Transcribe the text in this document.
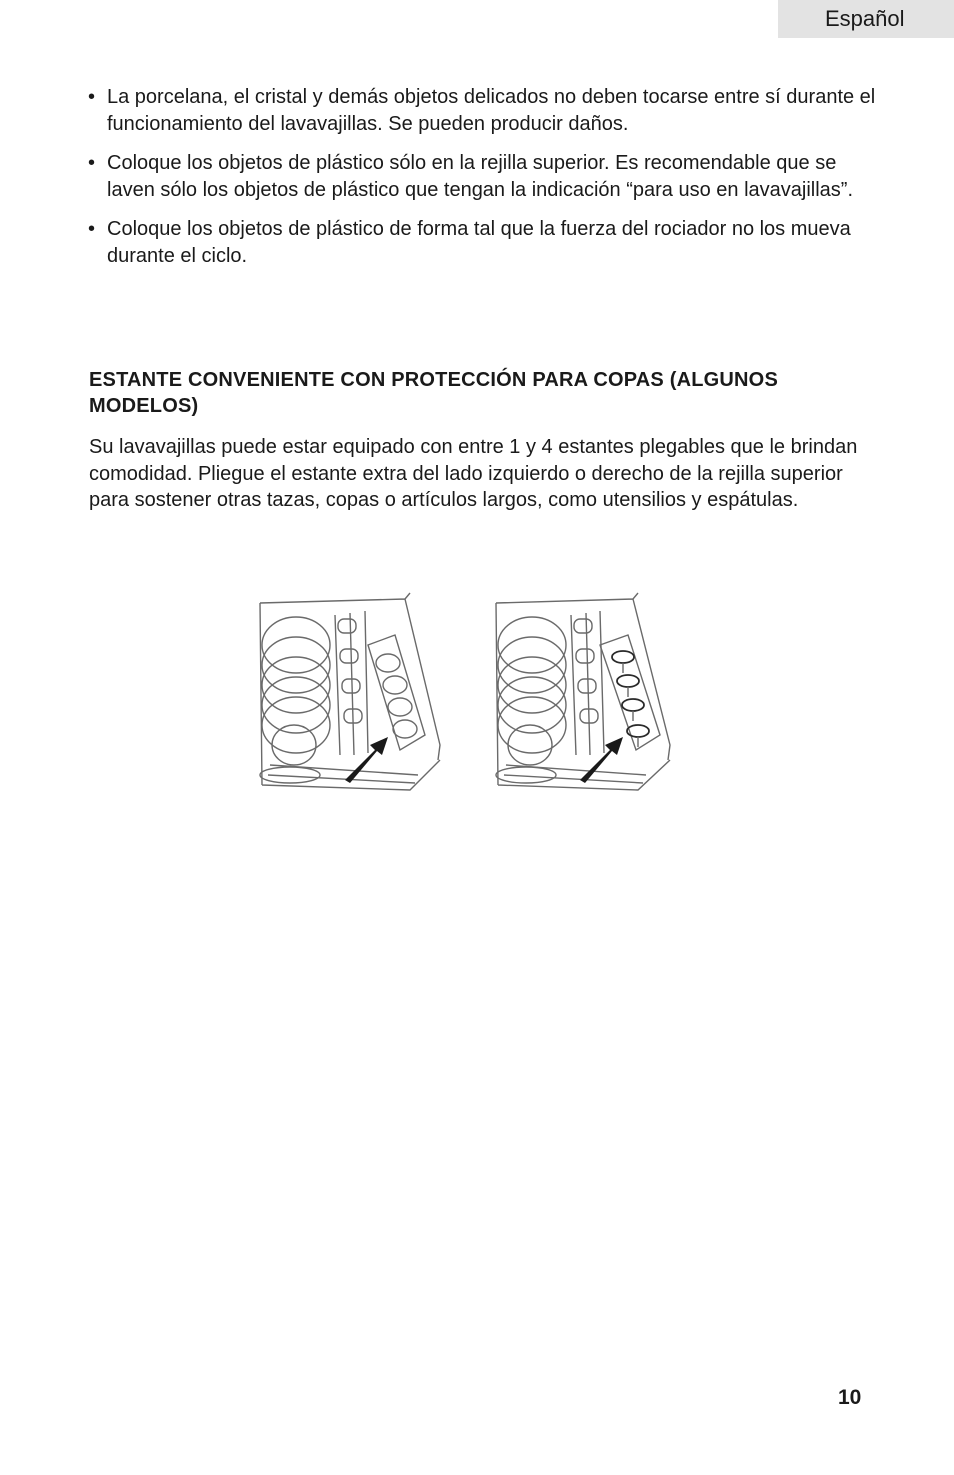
Español
• La porcelana, el cristal y demás objetos delicados no deben tocarse entre sí durante el funcionamiento del lavavajillas. Se pueden producir daños.
• Coloque los objetos de plástico sólo en la rejilla superior. Es recomendable que se laven sólo los objetos de plástico que tengan la indicación “para uso en lavavajillas”.
• Coloque los objetos de plástico de forma tal que la fuerza del rociador no los mueva durante el ciclo.
ESTANTE CONVENIENTE CON PROTECCIÓN PARA COPAS (ALGUNOS MODELOS)

Su lavavajillas puede estar equipado con entre 1 y 4 estantes plegables que le brindan comodidad. Pliegue el estante extra del lado izquierdo o derecho de la rejilla superior para sostener otras tazas, copas o artículos largos, como utensilios y espátulas.

10
